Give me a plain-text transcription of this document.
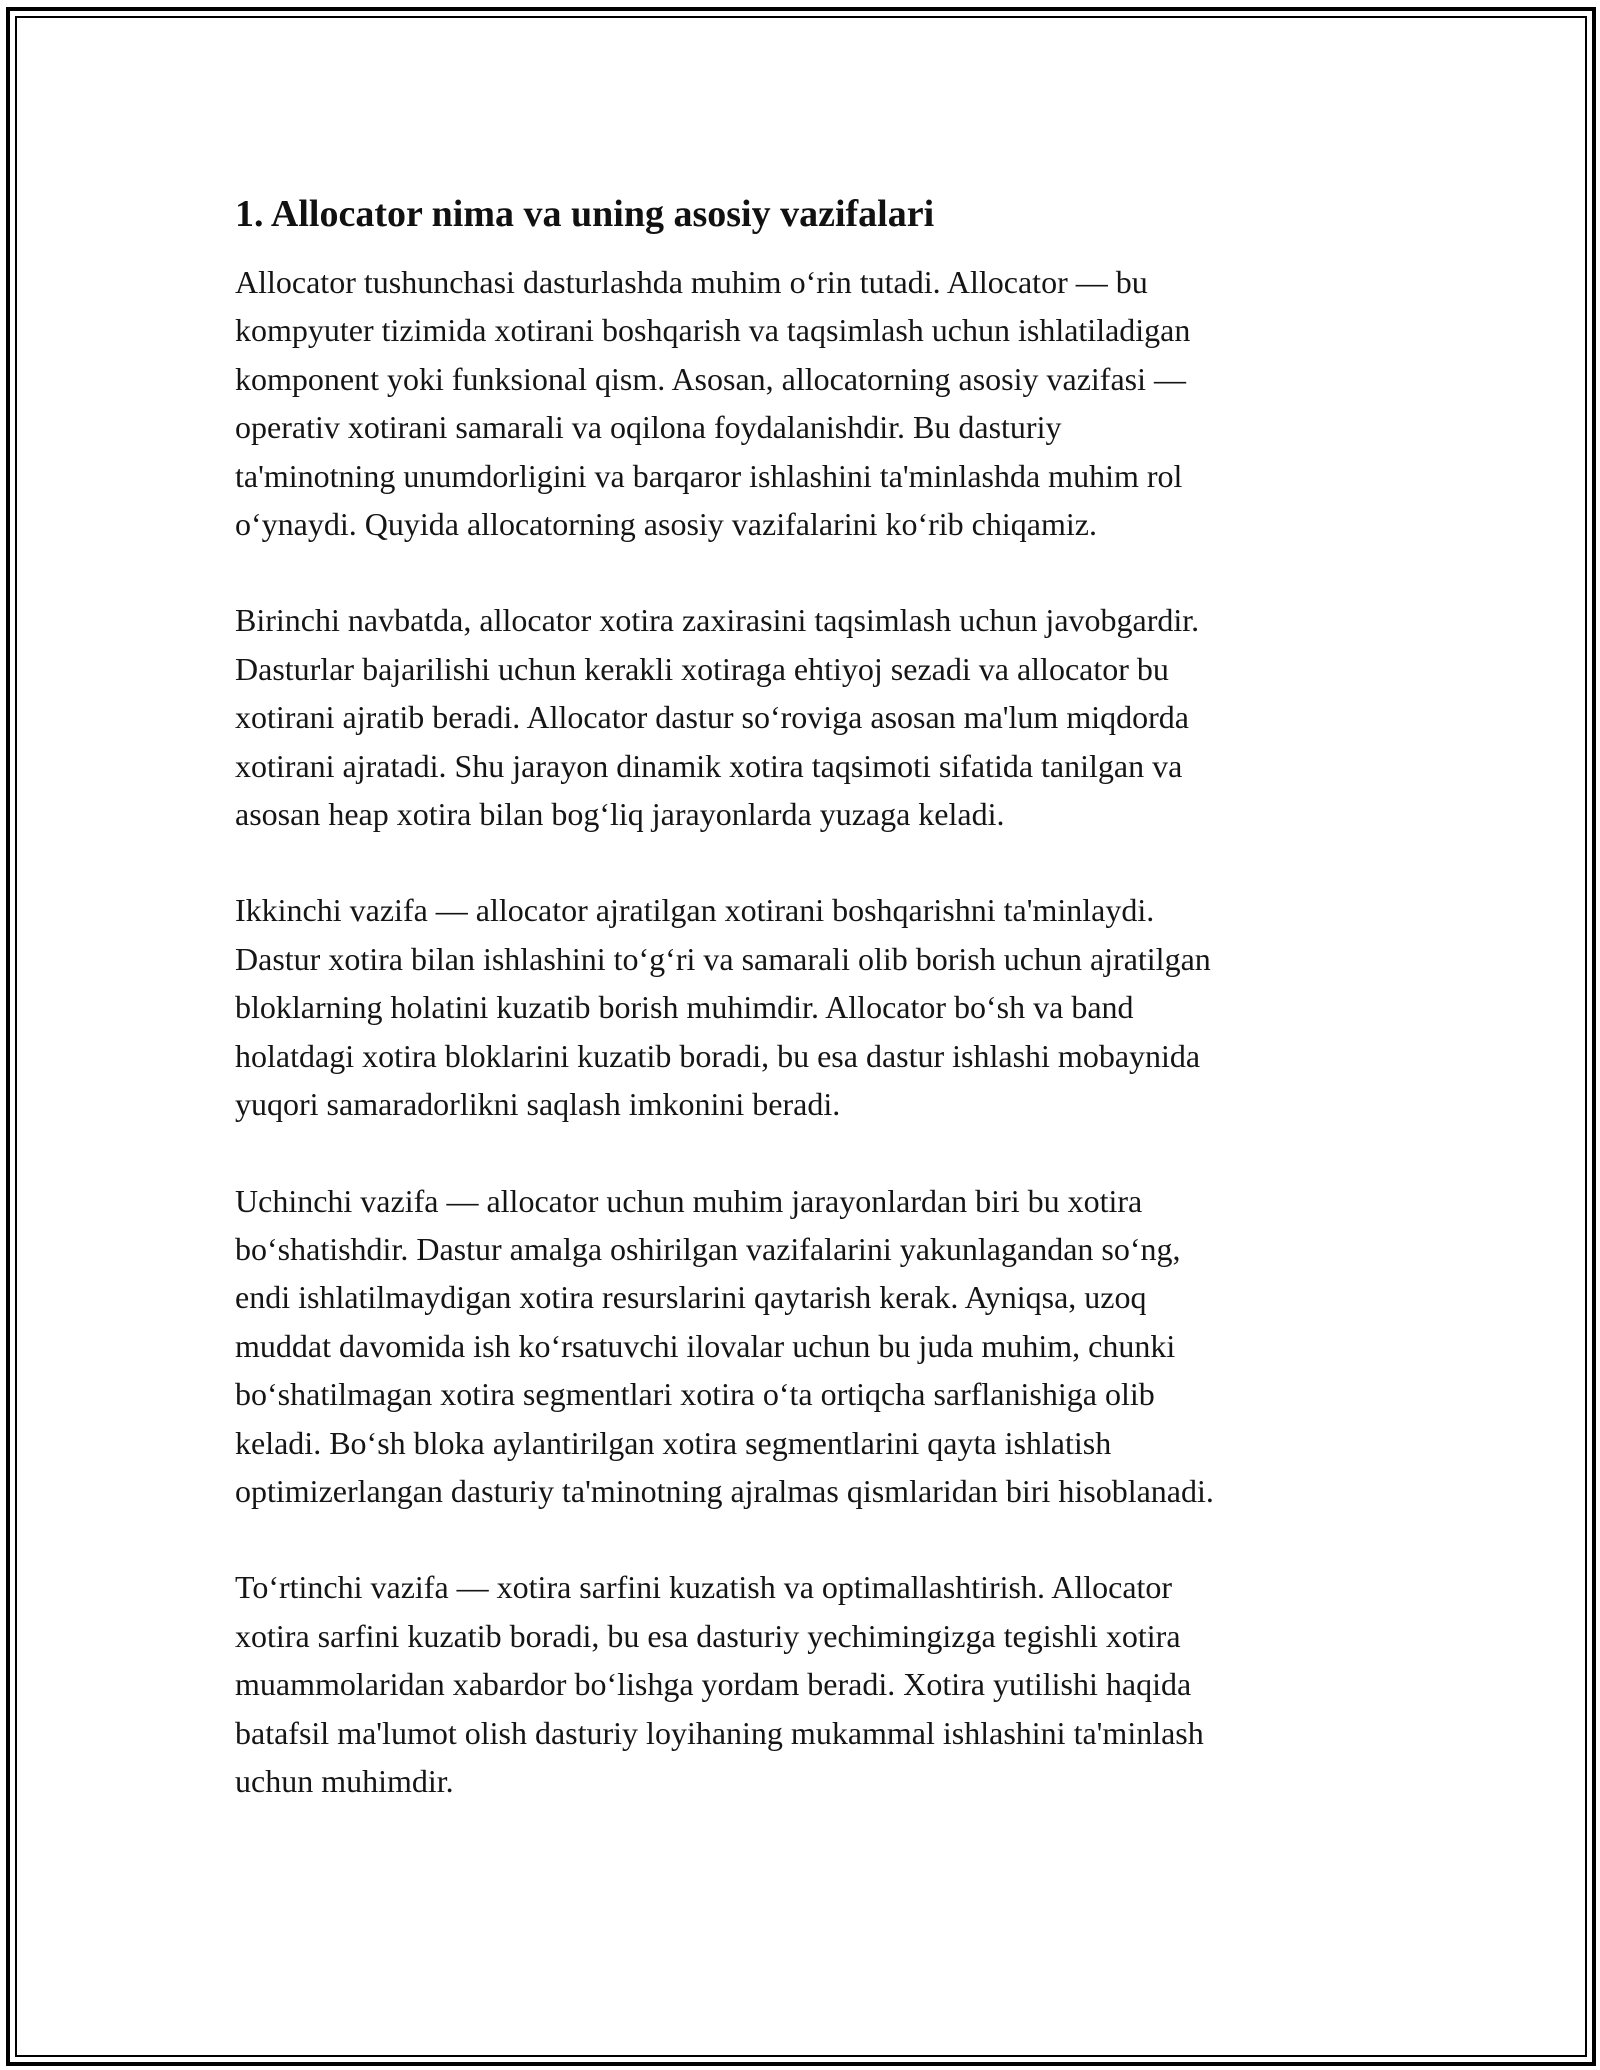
1. Allocator nima va uning asosiy vazifalari
Allocator tushunchasi dasturlashda muhim o‘rin tutadi. Allocator — bu
kompyuter tizimida xotirani boshqarish va taqsimlash uchun ishlatiladigan
komponent yoki funksional qism. Asosan, allocatorning asosiy vazifasi —
operativ xotirani samarali va oqilona foydalanishdir. Bu dasturiy
ta'minotning unumdorligini va barqaror ishlashini ta'minlashda muhim rol
o‘ynaydi. Quyida allocatorning asosiy vazifalarini ko‘rib chiqamiz.
Birinchi navbatda, allocator xotira zaxirasini taqsimlash uchun javobgardir.
Dasturlar bajarilishi uchun kerakli xotiraga ehtiyoj sezadi va allocator bu
xotirani ajratib beradi. Allocator dastur so‘roviga asosan ma'lum miqdorda
xotirani ajratadi. Shu jarayon dinamik xotira taqsimoti sifatida tanilgan va
asosan heap xotira bilan bog‘liq jarayonlarda yuzaga keladi.
Ikkinchi vazifa — allocator ajratilgan xotirani boshqarishni ta'minlaydi.
Dastur xotira bilan ishlashini to‘g‘ri va samarali olib borish uchun ajratilgan
bloklarning holatini kuzatib borish muhimdir. Allocator bo‘sh va band
holatdagi xotira bloklarini kuzatib boradi, bu esa dastur ishlashi mobaynida
yuqori samaradorlikni saqlash imkonini beradi.
Uchinchi vazifa — allocator uchun muhim jarayonlardan biri bu xotira
bo‘shatishdir. Dastur amalga oshirilgan vazifalarini yakunlagandan so‘ng,
endi ishlatilmaydigan xotira resurslarini qaytarish kerak. Ayniqsa, uzoq
muddat davomida ish ko‘rsatuvchi ilovalar uchun bu juda muhim, chunki
bo‘shatilmagan xotira segmentlari xotira o‘ta ortiqcha sarflanishiga olib
keladi. Bo‘sh bloka aylantirilgan xotira segmentlarini qayta ishlatish
optimizerlangan dasturiy ta'minotning ajralmas qismlaridan biri hisoblanadi.
To‘rtinchi vazifa — xotira sarfini kuzatish va optimallashtirish. Allocator
xotira sarfini kuzatib boradi, bu esa dasturiy yechimingizga tegishli xotira
muammolaridan xabardor bo‘lishga yordam beradi. Xotira yutilishi haqida
batafsil ma'lumot olish dasturiy loyihaning mukammal ishlashini ta'minlash
uchun muhimdir.
